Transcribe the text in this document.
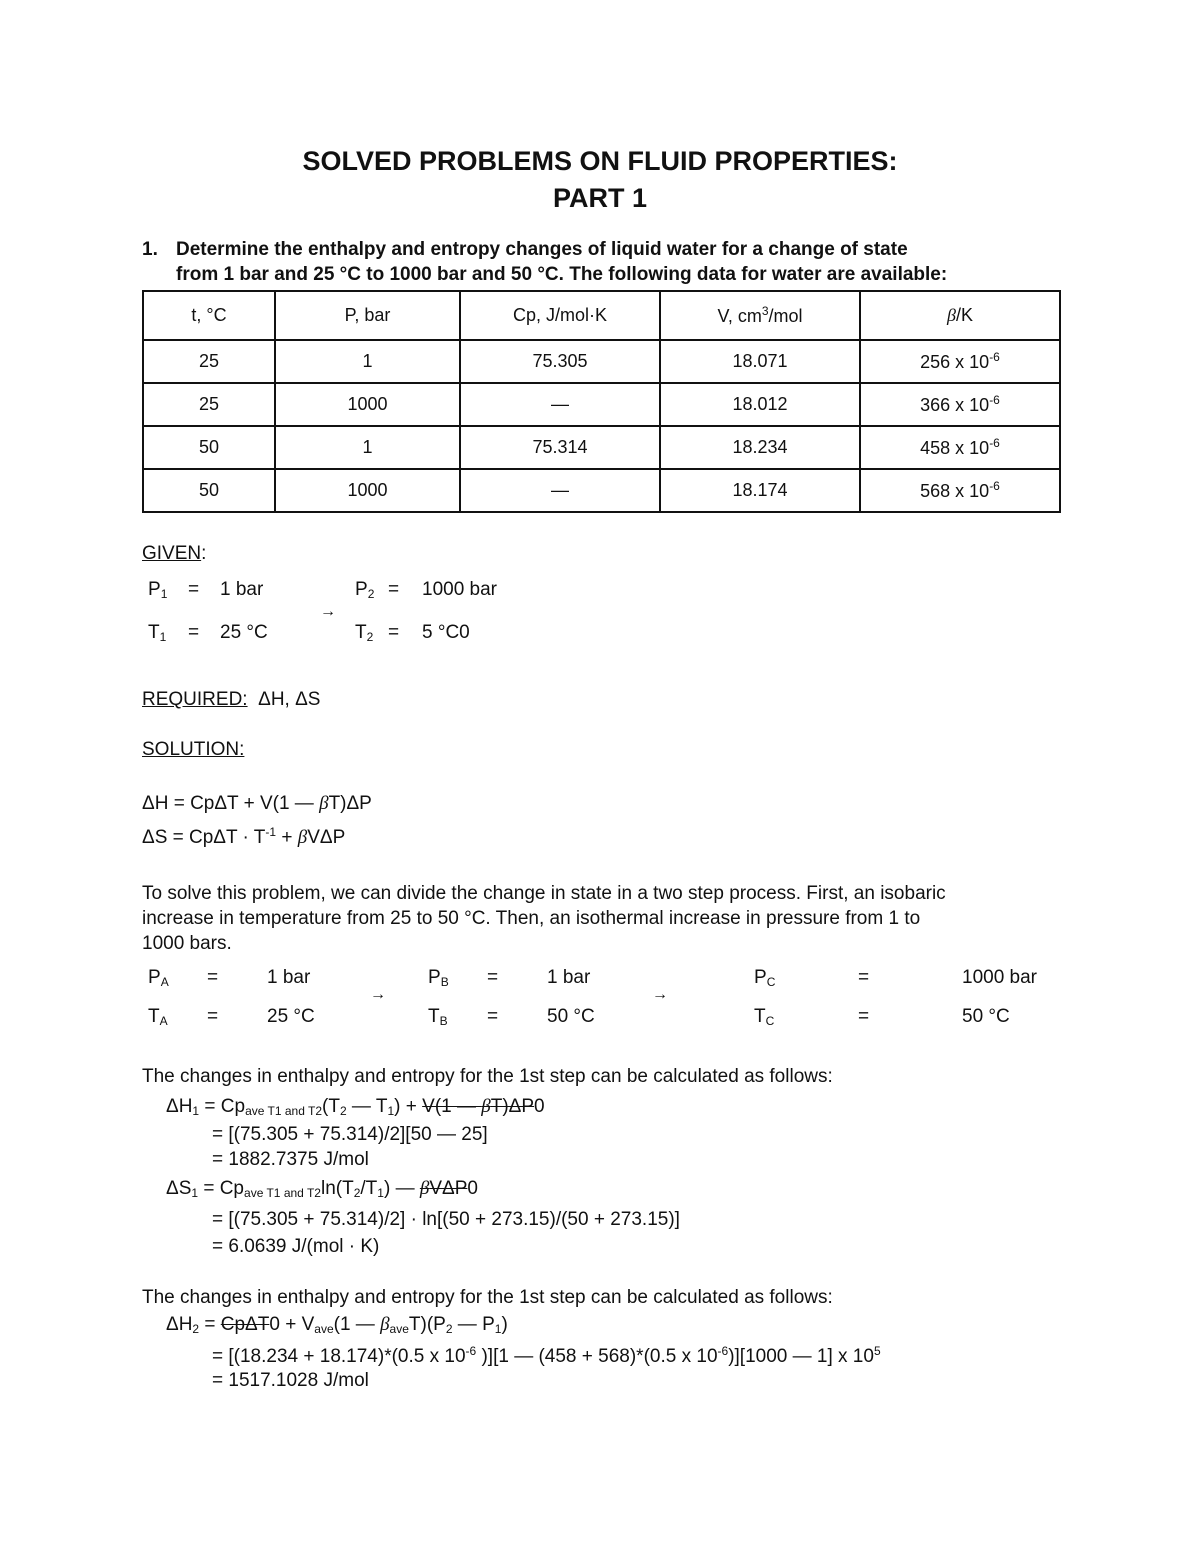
SOLVED PROBLEMS ON FLUID PROPERTIES:
PART 1
1. Determine the enthalpy and entropy changes of liquid water for a change of state
from 1 bar and 25 °C to 1000 bar and 50 °C. The following data for water are available:
t, °C	P, bar	Cp, J/mol·K	V, $cm^3$/mol	β/K
25	1	75.305	18.071	256 x $10^{-6}$
25	1000	—	18.012	366 x $10^{-6}$
50	1	75.314	18.234	458 x $10^{-6}$
50	1000	—	18.174	568 x $10^{-6}$
GIVEN:
$P_1 = 1$ bar	$P_2 = 1000$ bar
→
$T_1 = 25$ °C	$T_2 = 5$ °C0
REQUIRED: ΔH, ΔS
SOLUTION:
ΔH = CpΔT + V(1 — βT)ΔP
$\Delta S = Cp\Delta T \cdot T^{-1} + \beta V\Delta P$
To solve this problem, we can divide the change in state in a two step process. First, an isobaric
increase in temperature from 25 to 50 °C. Then, an isothermal increase in pressure from 1 to
1000 bars.
$P_A$ =	1 bar	$P_B$ =	1 bar	$P_C$	=	1000 bar
→	→
$T_A$ =	25 °C	$T_B$ =	50 °C	$T_C$	=	50 °C
The changes in enthalpy and entropy for the 1st step can be calculated as follows:
$\Delta H_1 = Cp_{ave T1 and T2}(T_2$ — $T_1) + V(1$ — βT)ΔP0
= [(75.305 + 75.314)/2][50 — 25]
= 1882.7375 J/mol
$\Delta S_1 = Cp_{ave T1 and T2}\ln(T_2/T_1)$ — βVΔP0
= [(75.305 + 75.314)/2] · ln[(50 + 273.15)/(50 + 273.15)]
= 6.0639 J/(mol · K)
The changes in enthalpy and entropy for the 1st step can be calculated as follows:
$\Delta H_2 = Cp\Delta T0 + V_{ave}(1$ — $\beta_{ave}T)(P_2$ — $P_1$)
= [(18.234 + 18.174)*(0.5 x $10^{-6}$ )][1 — (458 + 568)*(0.5 x $10^{-6})][1000$ — 1] x $10^5$
= 1517.1028 J/mol
